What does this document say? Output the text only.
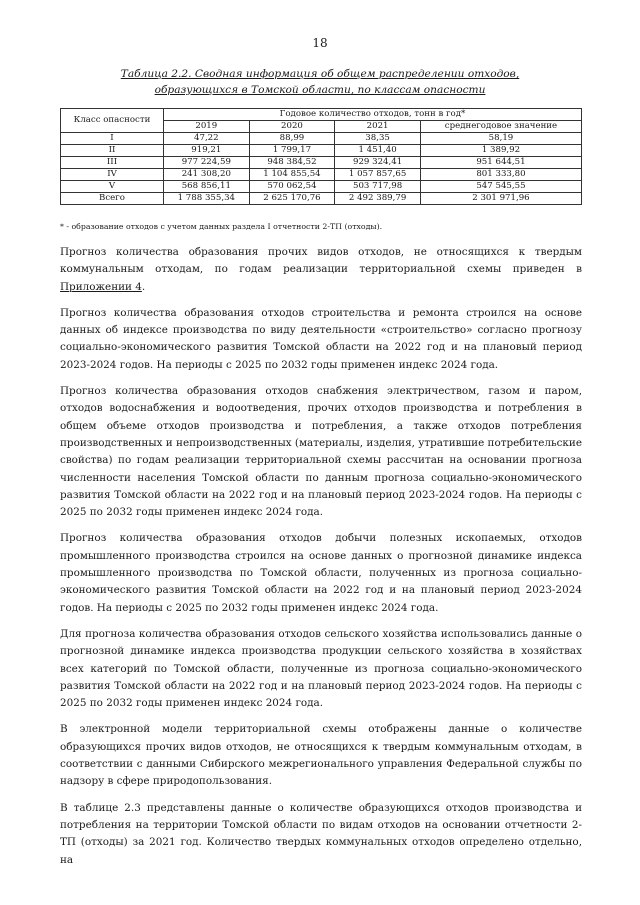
18
Таблица 2.2. Сводная информация об общем распределении отходов,
образующихся в Томской области, по классам опасности
Класс опасности	Годовое количество отходов, тонн в год*			
	2019	2020	2021	среднегодовое значение
I	47,22	88,99	38,35	58,19
II	919,21	1 799,17	1 451,40	1 389,92
III	977 224,59	948 384,52	929 324,41	951 644,51
IV	241 308,20	1 104 855,54	1 057 857,65	801 333,80
V	568 856,11	570 062,54	503 717,98	547 545,55
Всего	1 788 355,34	2 625 170,76	2 492 389,79	2 301 971,96
* - образование отходов с учетом данных раздела I отчетности 2-ТП (отходы).

Прогноз количества образования прочих видов отходов, не относящихся к твердым коммунальным отходам, по годам реализации территориальной схемы приведен в Приложении 4.

Прогноз количества образования отходов строительства и ремонта строился на основе данных об индексе производства по виду деятельности «строительство» согласно прогнозу социально-экономического развития Томской области на 2022 год и на плановый период 2023-2024 годов. На периоды с 2025 по 2032 годы применен индекс 2024 года.

Прогноз количества образования отходов снабжения электричеством, газом и паром, отходов водоснабжения и водоотведения, прочих отходов производства и потребления в общем объеме отходов производства и потребления, а также отходов потребления производственных и непроизводственных (материалы, изделия, утратившие потребительские свойства) по годам реализации территориальной схемы рассчитан на основании прогноза численности населения Томской области по данным прогноза социально-экономического развития Томской области на 2022 год и на плановый период 2023-2024 годов. На периоды с 2025 по 2032 годы применен индекс 2024 года.

Прогноз количества образования отходов добычи полезных ископаемых, отходов промышленного производства строился на основе данных о прогнозной динамике индекса промышленного производства по Томской области, полученных из прогноза социально-экономического развития Томской области на 2022 год и на плановый период 2023-2024 годов. На периоды с 2025 по 2032 годы применен индекс 2024 года.

Для прогноза количества образования отходов сельского хозяйства использовались данные о прогнозной динамике индекса производства продукции сельского хозяйства в хозяйствах всех категорий по Томской области, полученные из прогноза социально-экономического развития Томской области на 2022 год и на плановый период 2023-2024 годов. На периоды с 2025 по 2032 годы применен индекс 2024 года.

В электронной модели территориальной схемы отображены данные о количестве образующихся прочих видов отходов, не относящихся к твердым коммунальным отходам, в соответствии с данными Сибирского межрегионального управления Федеральной службы по надзору в сфере природопользования.

В таблице 2.3 представлены данные о количестве образующихся отходов производства и потребления на территории Томской области по видам отходов на основании отчетности 2-ТП (отходы) за 2021 год. Количество твердых коммунальных отходов определено отдельно, на
